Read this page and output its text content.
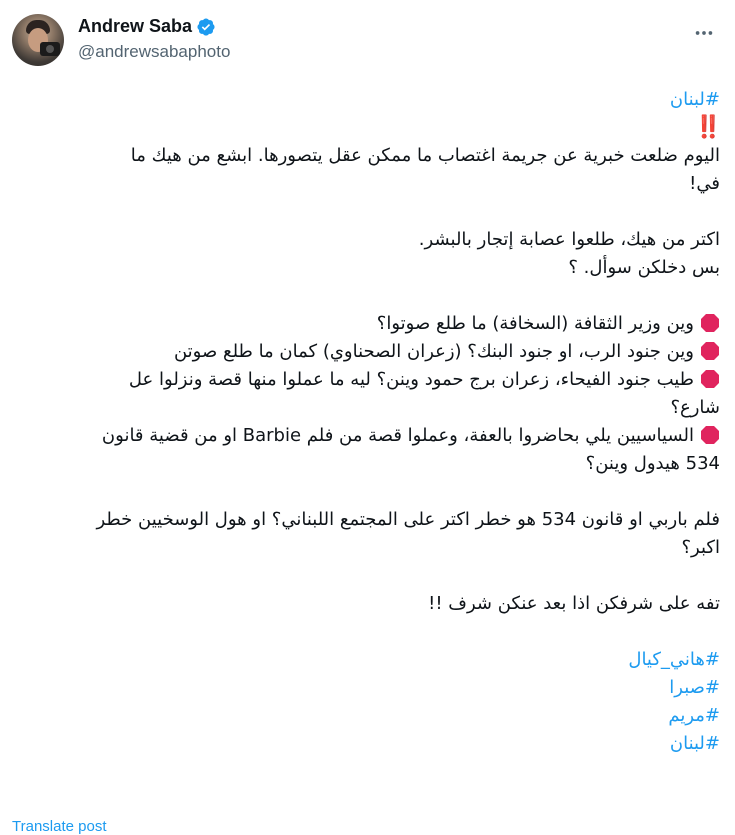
Andrew Saba
@andrewsabaphoto
#لبنان
‼️
اليوم ضلعت خبرية عن جريمة اغتصاب ما ممكن عقل يتصورها. ابشع من هيك ما
في!
اكتر من هيك، طلعوا عصابة إتجار بالبشر.
بس دخلكن سوأل. ؟
وين وزير الثقافة (السخافة) ما طلع صوتوا؟
وين جنود الرب، او جنود البنك؟ (زعران الصحناوي) كمان ما طلع صوتن
طيب جنود الفيحاء، زعران برج حمود وينن؟ ليه ما عملوا منها قصة ونزلوا عل
شارع؟
السياسيين يلي بحاضروا بالعفة، وعملوا قصة من فلم Barbie او من قضية قانون
534 هيدول وينن؟
فلم باربي او قانون 534 هو خطر اكتر على المجتمع اللبناني؟ او هول الوسخيين خطر
اكبر؟
تفه على شرفكن اذا بعد عنكن شرف !!
#هاني_كيال
#صبرا
#مريم
#لبنان
Translate post
